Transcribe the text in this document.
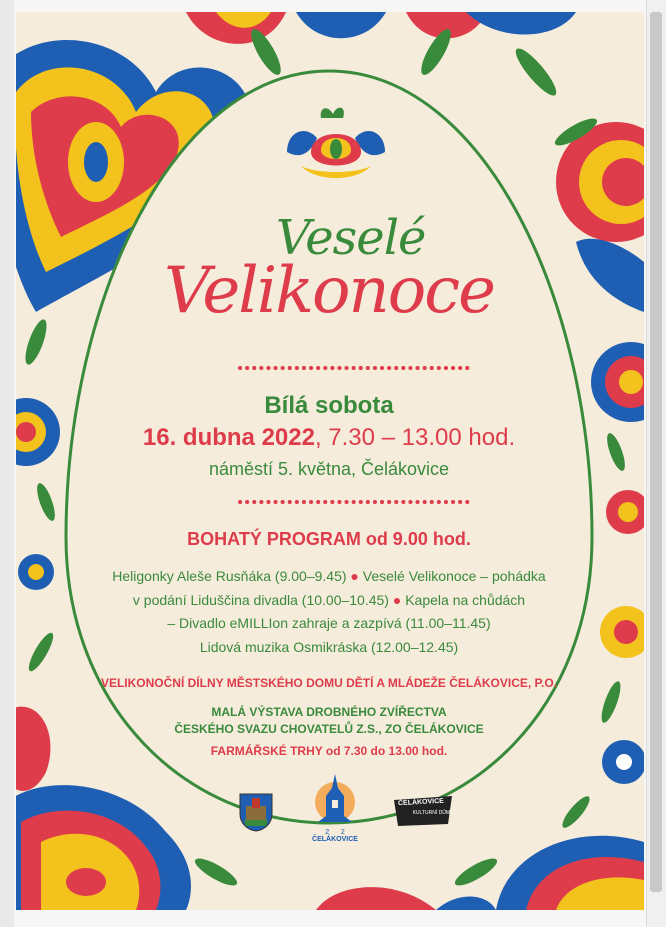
Veselé
Velikonoce
Bílá sobota
16. dubna 2022, 7.30 – 13.00 hod.
náměstí 5. května, Čelákovice
BOHATÝ PROGRAM od 9.00 hod.
Heligonky Aleše Rusňáka (9.00–9.45) ● Veselé Velikonoce – pohádka
v podání Liduščina divadla (10.00–10.45) ● Kapela na chůdách
– Divadlo eMILLIon zahraje a zazpívá (11.00–11.45)
Lidová muzika Osmikráska (12.00–12.45)
VELIKONOČNÍ DÍLNY MĚSTSKÉHO DOMU DĚTÍ A MLÁDEŽE ČELÁKOVICE, P.O.
MALÁ VÝSTAVA DROBNÉHO ZVÍŘECTVA
ČESKÉHO SVAZU CHOVATELŮ Z.S., ZO ČELÁKOVICE
FARMÁŘSKÉ TRHY od 7.30 do 13.00 hod.
2 2
ČELÁKOVICE
ČELÁKOVICE
KULTURNÍ DŮM
